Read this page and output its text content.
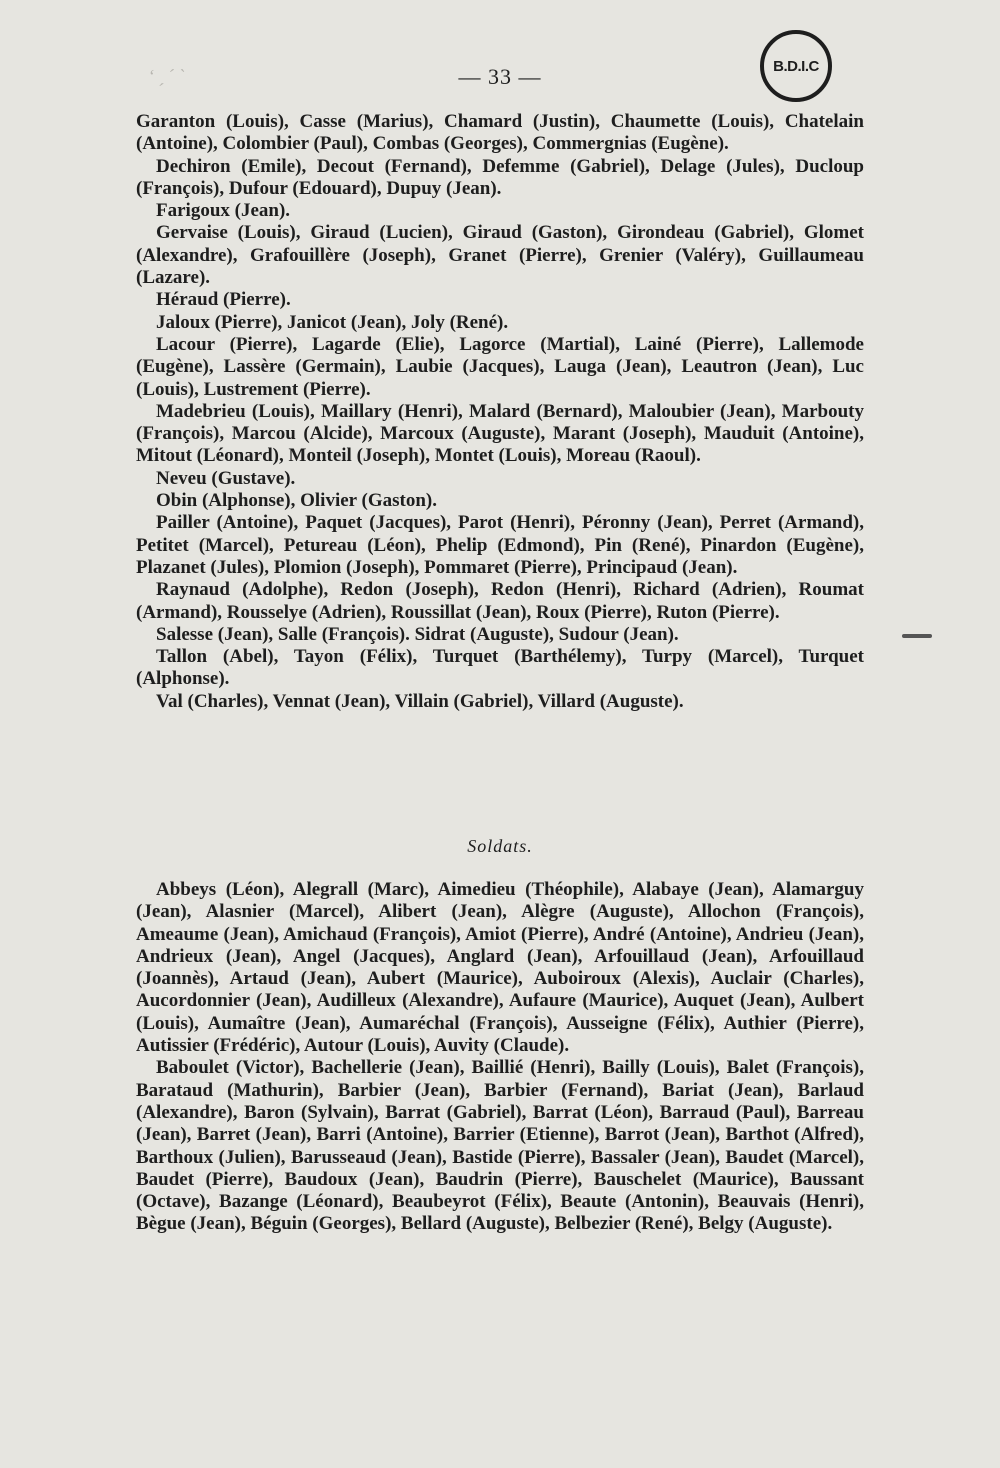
ʻ ˏ ˊ ˋ	— 33 —	B.D.I.C

Garanton (Louis), Casse (Marius), Chamard (Justin), Chaumette (Louis), Chatelain (Antoine), Colombier (Paul), Combas (Georges), Commergnias (Eugène).

Dechiron (Emile), Decout (Fernand), Defemme (Gabriel), Delage (Jules), Ducloup (François), Dufour (Edouard), Dupuy (Jean).

Farigoux (Jean).

Gervaise (Louis), Giraud (Lucien), Giraud (Gaston), Girondeau (Gabriel), Glomet (Alexandre), Grafouillère (Joseph), Granet (Pierre), Grenier (Valéry), Guillaumeau (Lazare).

Héraud (Pierre).

Jaloux (Pierre), Janicot (Jean), Joly (René).

Lacour (Pierre), Lagarde (Elie), Lagorce (Martial), Lainé (Pierre), Lallemode (Eugène), Lassère (Germain), Laubie (Jacques), Lauga (Jean), Leautron (Jean), Luc (Louis), Lustrement (Pierre).

Madebrieu (Louis), Maillary (Henri), Malard (Bernard), Maloubier (Jean), Marbouty (François), Marcou (Alcide), Marcoux (Auguste), Marant (Joseph), Mauduit (Antoine), Mitout (Léonard), Monteil (Joseph), Montet (Louis), Moreau (Raoul).

Neveu (Gustave).

Obin (Alphonse), Olivier (Gaston).

Pailler (Antoine), Paquet (Jacques), Parot (Henri), Péronny (Jean), Perret (Armand), Petitet (Marcel), Petureau (Léon), Phelip (Edmond), Pin (René), Pinardon (Eugène), Plazanet (Jules), Plomion (Joseph), Pommaret (Pierre), Principaud (Jean).

Raynaud (Adolphe), Redon (Joseph), Redon (Henri), Richard (Adrien), Roumat (Armand), Rousselye (Adrien), Roussillat (Jean), Roux (Pierre), Ruton (Pierre).

Salesse (Jean), Salle (François). Sidrat (Auguste), Sudour (Jean).

Tallon (Abel), Tayon (Félix), Turquet (Barthélemy), Turpy (Marcel), Turquet (Alphonse).

Val (Charles), Vennat (Jean), Villain (Gabriel), Villard (Auguste).

Soldats.

Abbeys (Léon), Alegrall (Marc), Aimedieu (Théophile), Alabaye (Jean), Alamarguy (Jean), Alasnier (Marcel), Alibert (Jean), Alègre (Auguste), Allochon (François), Ameaume (Jean), Amichaud (François), Amiot (Pierre), André (Antoine), Andrieu (Jean), Andrieux (Jean), Angel (Jacques), Anglard (Jean), Arfouillaud (Jean), Arfouillaud (Joannès), Artaud (Jean), Aubert (Maurice), Auboiroux (Alexis), Auclair (Charles), Aucordonnier (Jean), Audilleux (Alexandre), Aufaure (Maurice), Auquet (Jean), Aulbert (Louis), Aumaître (Jean), Aumaréchal (François), Ausseigne (Félix), Authier (Pierre), Autissier (Frédéric), Autour (Louis), Auvity (Claude).

Baboulet (Victor), Bachellerie (Jean), Baillié (Henri), Bailly (Louis), Balet (François), Barataud (Mathurin), Barbier (Jean), Barbier (Fernand), Bariat (Jean), Barlaud (Alexandre), Baron (Sylvain), Barrat (Gabriel), Barrat (Léon), Barraud (Paul), Barreau (Jean), Barret (Jean), Barri (Antoine), Barrier (Etienne), Barrot (Jean), Barthot (Alfred), Barthoux (Julien), Barusseaud (Jean), Bastide (Pierre), Bassaler (Jean), Baudet (Marcel), Baudet (Pierre), Baudoux (Jean), Baudrin (Pierre), Bauschelet (Maurice), Baussant (Octave), Bazange (Léonard), Beaubeyrot (Félix), Beaute (Antonin), Beauvais (Henri), Bègue (Jean), Béguin (Georges), Bellard (Auguste), Belbezier (René), Belgy (Auguste).
